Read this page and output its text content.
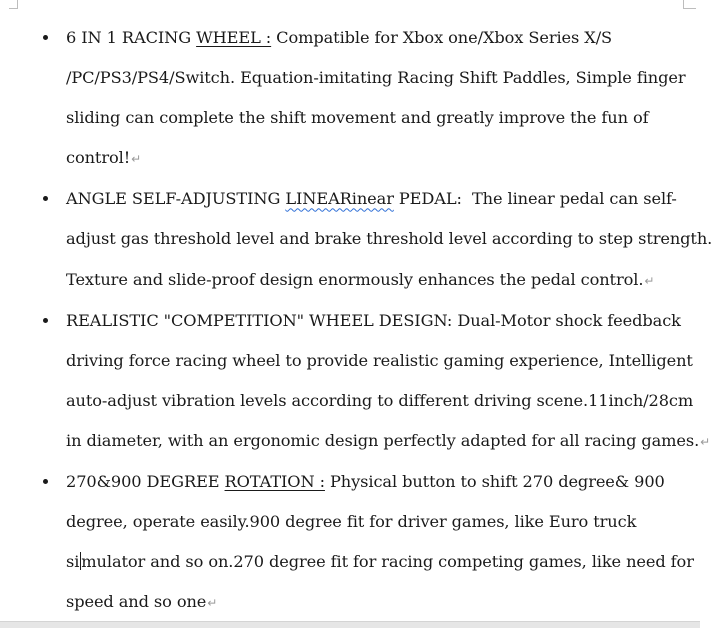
6 IN 1 RACING WHEEL : Compatible for Xbox one/Xbox Series X/S
/PC/PS3/PS4/Switch. Equation-imitating Racing Shift Paddles, Simple finger
sliding can complete the shift movement and greatly improve the fun of
control!↵
ANGLE SELF-ADJUSTING LINEARinear PEDAL:  The linear pedal can self-
adjust gas threshold level and brake threshold level according to step strength.
Texture and slide-proof design enormously enhances the pedal control.↵
REALISTIC "COMPETITION" WHEEL DESIGN: Dual-Motor shock feedback
driving force racing wheel to provide realistic gaming experience, Intelligent
auto-adjust vibration levels according to different driving scene.11inch/28cm
in diameter, with an ergonomic design perfectly adapted for all racing games.↵
270&900 DEGREE ROTATION : Physical button to shift 270 degree& 900
degree, operate easily.900 degree fit for driver games, like Euro truck
si mulator and so on.270 degree fit for racing competing games, like need for
speed and so one↵
